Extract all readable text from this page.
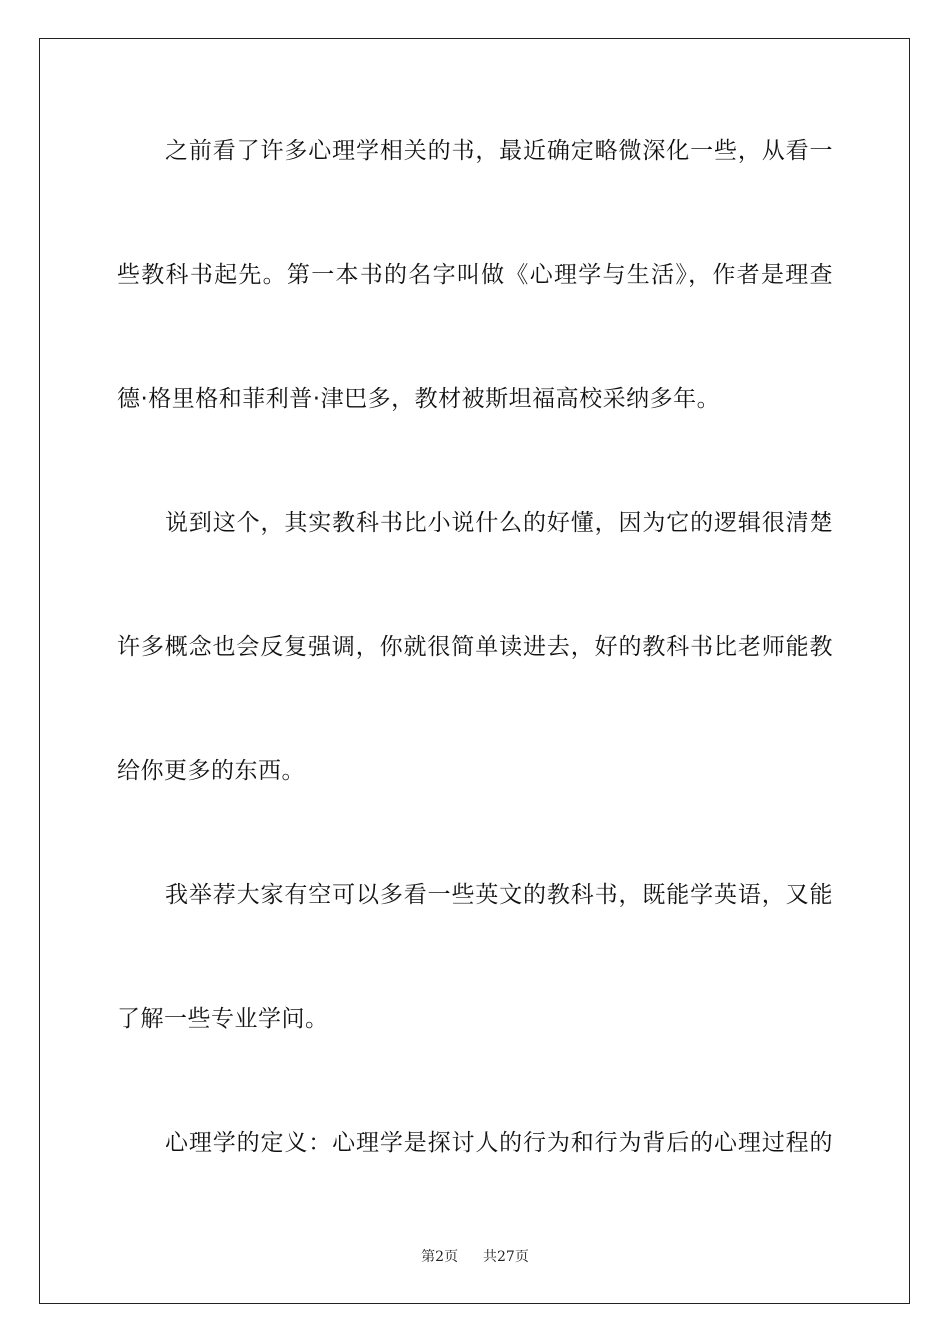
之前看了许多心理学相关的书，最近确定略微深化一些，从看一
些教科书起先。第一本书的名字叫做《心理学与生活》，作者是理查
德·格里格和菲利普·津巴多，教材被斯坦福高校采纳多年。
说到这个，其实教科书比小说什么的好懂，因为它的逻辑很清楚
许多概念也会反复强调，你就很简单读进去，好的教科书比老师能教
给你更多的东西。
我举荐大家有空可以多看一些英文的教科书，既能学英语，又能
了解一些专业学问。
心理学的定义：心理学是探讨人的行为和行为背后的心理过程的
第2页 共27页
